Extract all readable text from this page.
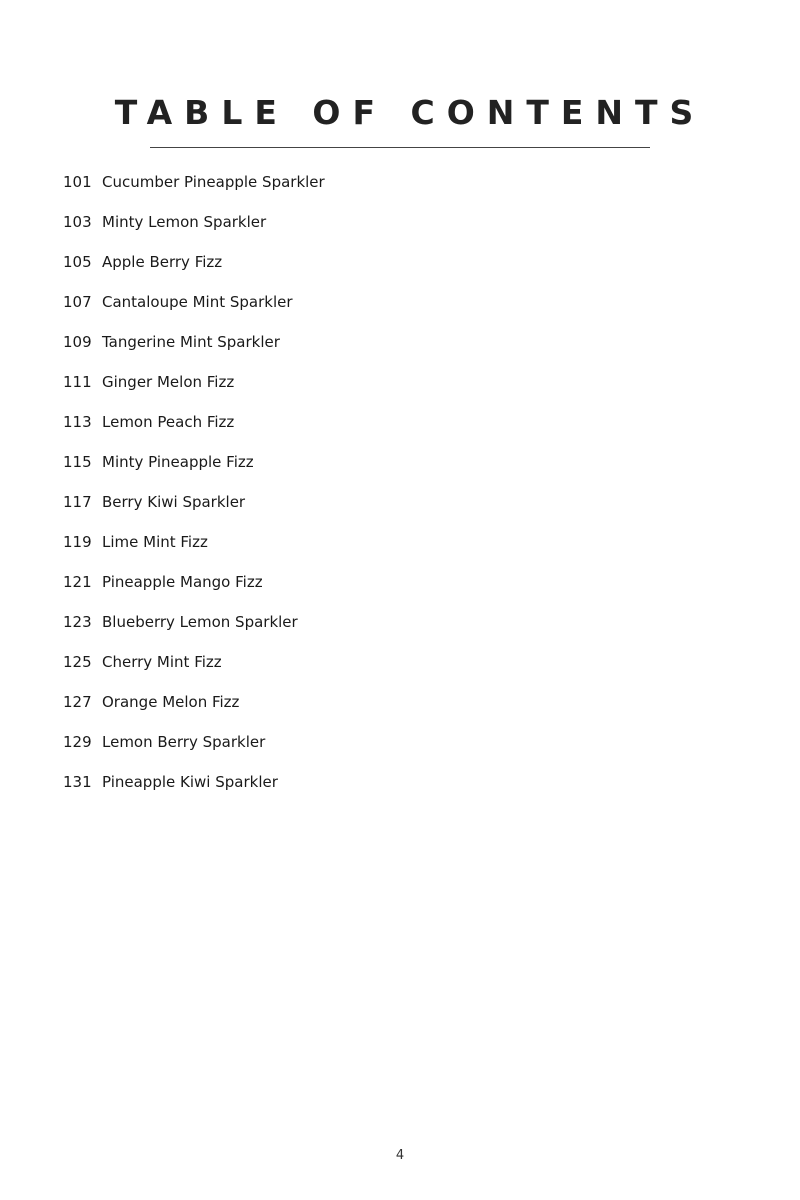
TABLE OF CONTENTS
101 Cucumber Pineapple Sparkler
103 Minty Lemon Sparkler
105 Apple Berry Fizz
107 Cantaloupe Mint Sparkler
109 Tangerine Mint Sparkler
111 Ginger Melon Fizz
113 Lemon Peach Fizz
115 Minty Pineapple Fizz
117 Berry Kiwi Sparkler
119 Lime Mint Fizz
121 Pineapple Mango Fizz
123 Blueberry Lemon Sparkler
125 Cherry Mint Fizz
127 Orange Melon Fizz
129 Lemon Berry Sparkler
131 Pineapple Kiwi Sparkler
4
